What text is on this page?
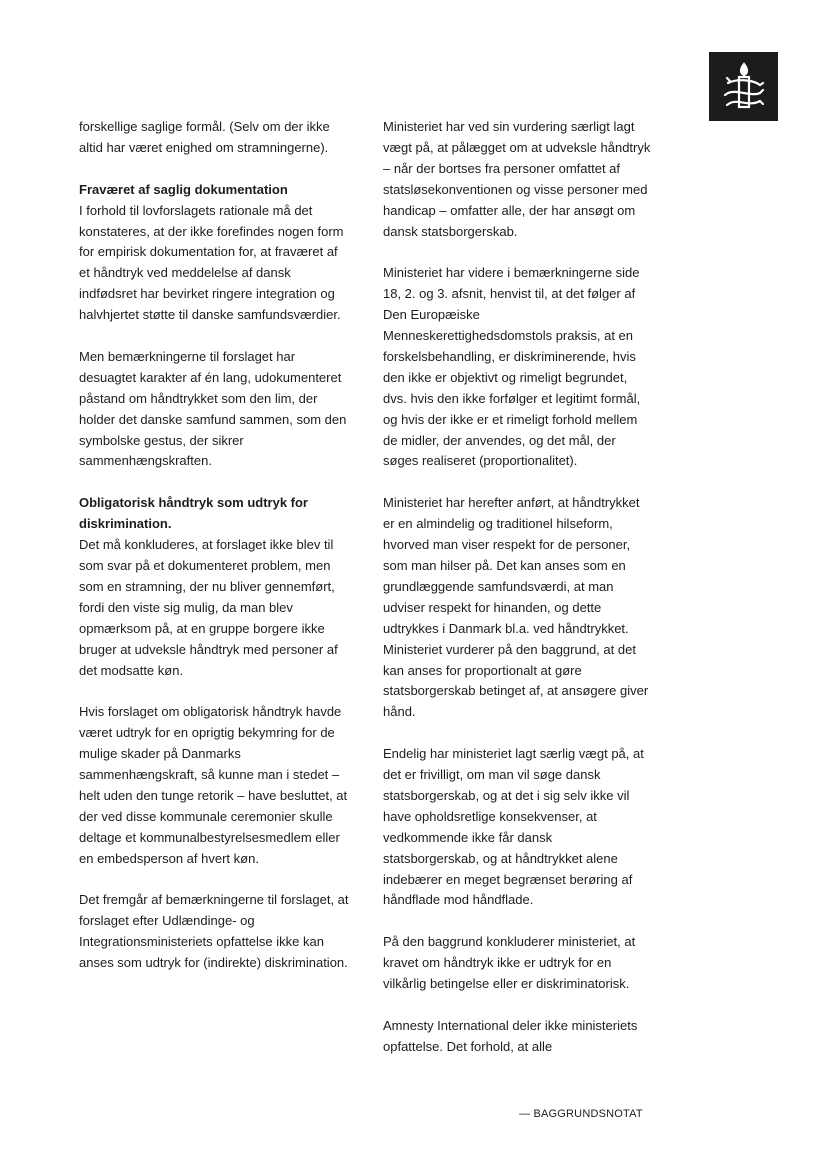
forskellige saglige formål. (Selv om der ikke altid har været enighed om stramningerne).

Fraværet af saglig dokumentation

I forhold til lovforslagets rationale må det konstateres, at der ikke forefindes nogen form for empirisk dokumentation for, at fraværet af et håndtryk ved meddelelse af dansk indfødsret har bevirket ringere integration og halvhjertet støtte til danske samfundsværdier.

Men bemærkningerne til forslaget har desuagtet karakter af én lang, udokumenteret påstand om håndtrykket som den lim, der holder det danske samfund sammen, som den symbolske gestus, der sikrer sammenhængskraften.

Obligatorisk håndtryk som udtryk for diskrimination.

Det må konkluderes, at forslaget ikke blev til som svar på et dokumenteret problem, men som en stramning, der nu bliver gennemført, fordi den viste sig mulig, da man blev opmærksom på, at en gruppe borgere ikke bruger at udveksle håndtryk med personer af det modsatte køn.

Hvis forslaget om obligatorisk håndtryk havde været udtryk for en oprigtig bekymring for de mulige skader på Danmarks sammenhængskraft, så kunne man i stedet – helt uden den tunge retorik – have besluttet, at der ved disse kommunale ceremonier skulle deltage et kommunalbestyrelsesmedlem eller en embedsperson af hvert køn.

Det fremgår af bemærkningerne til forslaget, at forslaget efter Udlændinge- og Integrationsministeriets opfattelse ikke kan anses som udtryk for (indirekte) diskrimination.

Ministeriet har ved sin vurdering særligt lagt vægt på, at pålægget om at udveksle håndtryk – når der bortses fra personer omfattet af statsløsekonventionen og visse personer med handicap – omfatter alle, der har ansøgt om dansk statsborgerskab.

Ministeriet har videre i bemærkningerne side 18, 2. og 3. afsnit, henvist til, at det følger af Den Europæiske Menneskerettighedsdomstols praksis, at en forskelsbehandling, er diskriminerende, hvis den ikke er objektivt og rimeligt begrundet, dvs. hvis den ikke forfølger et legitimt formål, og hvis der ikke er et rimeligt forhold mellem de midler, der anvendes, og det mål, der søges realiseret (proportionalitet).

Ministeriet har herefter anført, at håndtrykket er en almindelig og traditionel hilseform, hvorved man viser respekt for de personer, som man hilser på. Det kan anses som en grundlæggende samfundsværdi, at man udviser respekt for hinanden, og dette udtrykkes i Danmark bl.a. ved håndtrykket. Ministeriet vurderer på den baggrund, at det kan anses for proportionalt at gøre statsborgerskab betinget af, at ansøgere giver hånd.

Endelig har ministeriet lagt særlig vægt på, at det er frivilligt, om man vil søge dansk statsborgerskab, og at det i sig selv ikke vil have opholdsretlige konsekvenser, at vedkommende ikke får dansk statsborgerskab, og at håndtrykket alene indebærer en meget begrænset berøring af håndflade mod håndflade.

På den baggrund konkluderer ministeriet, at kravet om håndtryk ikke er udtryk for en vilkårlig betingelse eller er diskriminatorisk.

Amnesty International deler ikke ministeriets opfattelse. Det forhold, at alle

— BAGGRUNDSNOTAT
